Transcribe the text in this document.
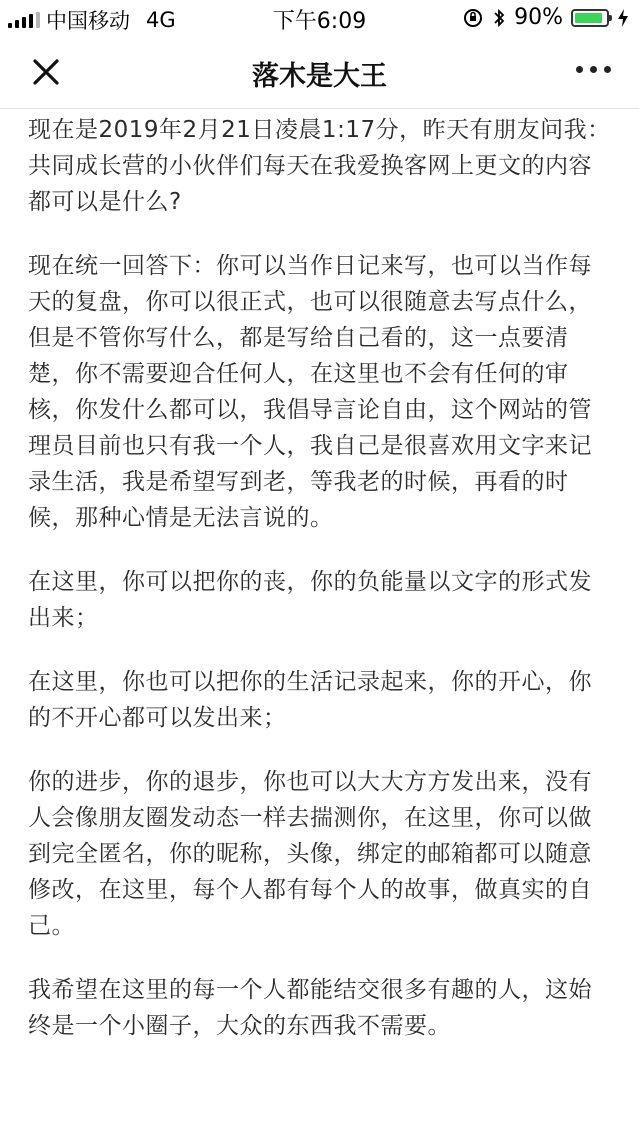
中国移动 4G	下午6:09	90%
落木是大王

现在是2019年2月21日凌晨1:17分，昨天有朋友问我：共同成长营的小伙伴们每天在我爱换客网上更文的内容都可以是什么?

现在统一回答下：你可以当作日记来写，也可以当作每天的复盘，你可以很正式，也可以很随意去写点什么，但是不管你写什么，都是写给自己看的，这一点要清楚，你不需要迎合任何人，在这里也不会有任何的审核，你发什么都可以，我倡导言论自由，这个网站的管理员目前也只有我一个人，我自己是很喜欢用文字来记录生活，我是希望写到老，等我老的时候，再看的时候，那种心情是无法言说的。

在这里，你可以把你的丧，你的负能量以文字的形式发出来；

在这里，你也可以把你的生活记录起来，你的开心，你的不开心都可以发出来；

你的进步，你的退步，你也可以大大方方发出来，没有人会像朋友圈发动态一样去揣测你，在这里，你可以做到完全匿名，你的昵称，头像，绑定的邮箱都可以随意修改，在这里，每个人都有每个人的故事，做真实的自己。

我希望在这里的每一个人都能结交很多有趣的人，这始终是一个小圈子，大众的东西我不需要。
